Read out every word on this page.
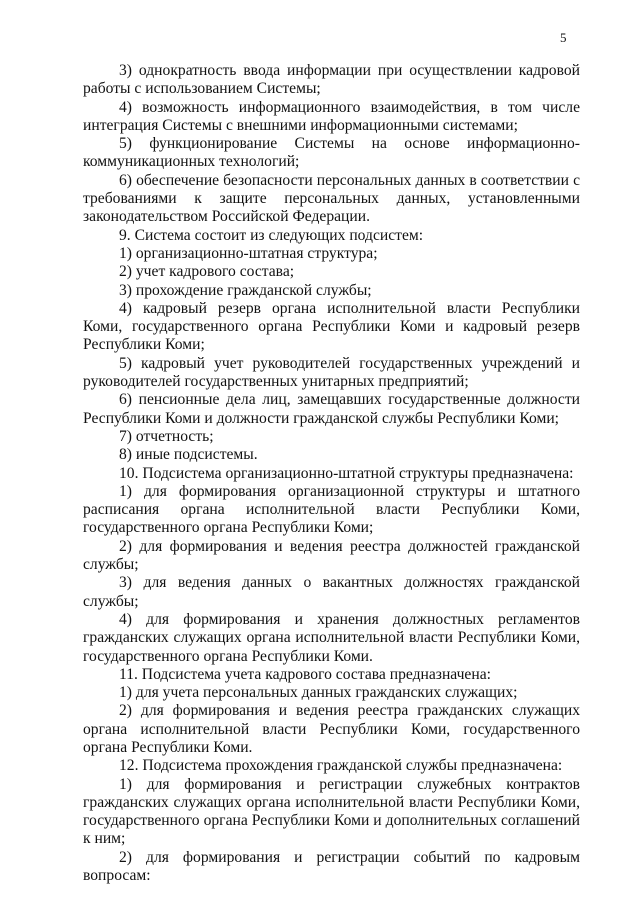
5

3) однократность ввода информации при осуществлении кадровой работы с использованием Системы;

4) возможность информационного взаимодействия, в том числе интеграция Системы с внешними информационными системами;

5) функционирование Системы на основе информационно-коммуникационных технологий;

6) обеспечение безопасности персональных данных в соответствии с требованиями к защите персональных данных, установленными законодательством Российской Федерации.

9. Система состоит из следующих подсистем:

1) организационно-штатная структура;

2) учет кадрового состава;

3) прохождение гражданской службы;

4) кадровый резерв органа исполнительной власти Республики Коми, государственного органа Республики Коми и кадровый резерв Республики Коми;

5) кадровый учет руководителей государственных учреждений и руководителей государственных унитарных предприятий;

6) пенсионные дела лиц, замещавших государственные должности Республики Коми и должности гражданской службы Республики Коми;

7) отчетность;

8) иные подсистемы.

10. Подсистема организационно-штатной структуры предназначена:

1) для формирования организационной структуры и штатного расписания органа исполнительной власти Республики Коми, государственного органа Республики Коми;

2) для формирования и ведения реестра должностей гражданской службы;

3) для ведения данных о вакантных должностях гражданской службы;

4) для формирования и хранения должностных регламентов гражданских служащих органа исполнительной власти Республики Коми, государственного органа Республики Коми.

11. Подсистема учета кадрового состава предназначена:

1) для учета персональных данных гражданских служащих;

2) для формирования и ведения реестра гражданских служащих органа исполнительной власти Республики Коми, государственного органа Республики Коми.

12. Подсистема прохождения гражданской службы предназначена:

1) для формирования и регистрации служебных контрактов гражданских служащих органа исполнительной власти Республики Коми, государственного органа Республики Коми и дополнительных соглашений к ним;

2) для формирования и регистрации событий по кадровым вопросам:
